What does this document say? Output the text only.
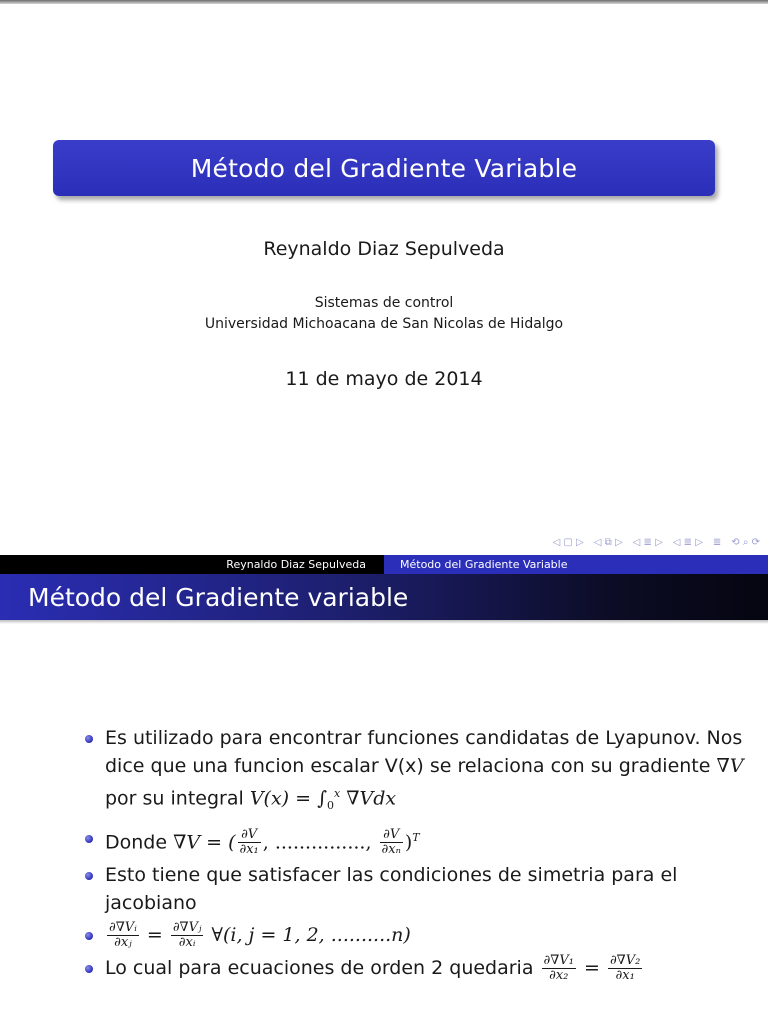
Método del Gradiente Variable
Reynaldo Diaz Sepulveda
Sistemas de control
Universidad Michoacana de San Nicolas de Hidalgo
11 de mayo de 2014
◁ ▢ ▷ ◁ ⧉ ▷ ◁ ≣ ▷ ◁ ≣ ▷ ≣ ⟲ ⌕ ⟳
Reynaldo Diaz Sepulveda	Método del Gradiente Variable
Método del Gradiente variable
Es utilizado para encontrar funciones candidatas de Lyapunov. Nos dice que una funcion escalar V(x) se relaciona con su gradiente ∇V por su integral $V(x) = \int_0^x$ ∇Vdx
Donde ∇V = ( $\frac{\partial V}{\text{∂x₁}}$ , ..............., $\frac{\partial V}{\text{∂xₙ}} )^T$
Esto tiene que satisfacer las condiciones de simetria para el jacobiano
$\frac{\text{∂∇Vᵢ}}{\text{∂xⱼ}} = \frac{\text{∂∇Vⱼ}}{\text{∂xᵢ}}$ ∀(i, j = 1, 2, ..........n)
Lo cual para ecuaciones de orden 2 quedaria $\frac{\text{∂∇V₁}}{\text{∂x₂}} = \frac{\text{∂∇V₂}}{\text{∂x₁}}$
